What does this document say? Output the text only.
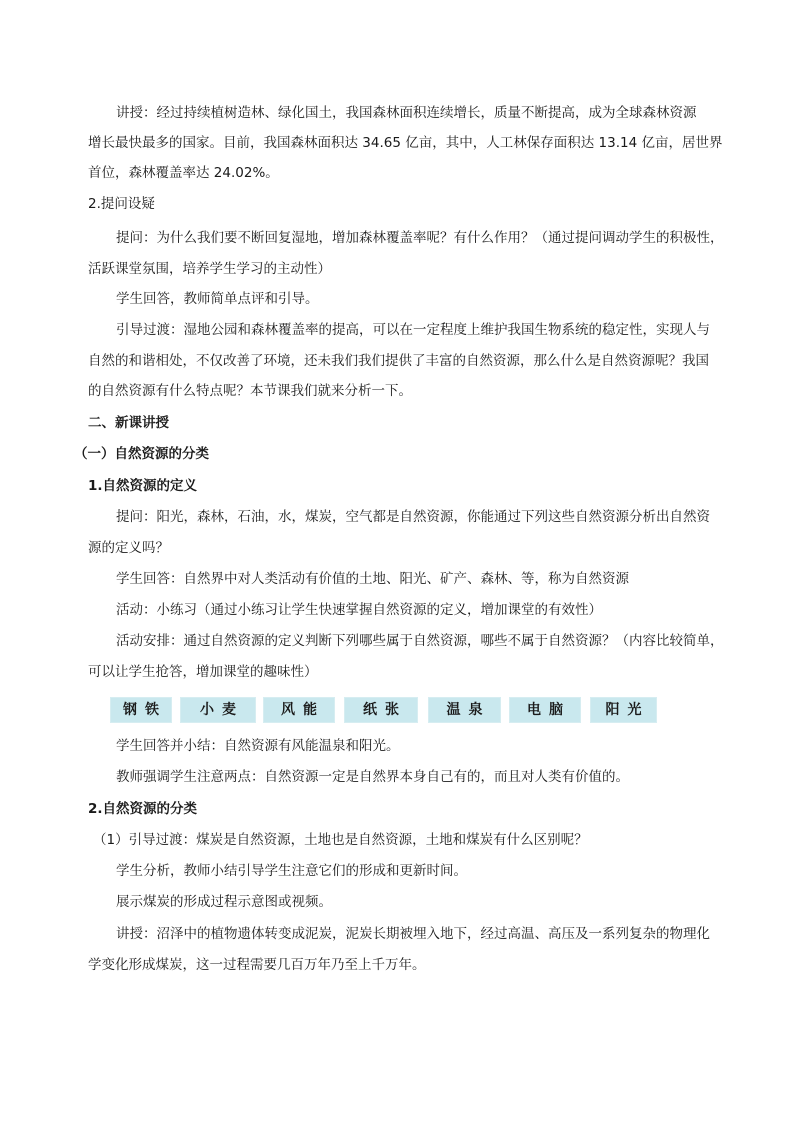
讲授：经过持续植树造林、绿化国土，我国森林面积连续增长，质量不断提高，成为全球森林资源
增长最快最多的国家。目前，我国森林面积达 34.65 亿亩，其中，人工林保存面积达 13.14 亿亩，居世界
首位，森林覆盖率达 24.02%。
2.提问设疑
提问：为什么我们要不断回复湿地，增加森林覆盖率呢？有什么作用？（通过提问调动学生的积极性，
活跃课堂氛围，培养学生学习的主动性）
学生回答，教师简单点评和引导。
引导过渡：湿地公园和森林覆盖率的提高，可以在一定程度上维护我国生物系统的稳定性，实现人与
自然的和谐相处，不仅改善了环境，还未我们我们提供了丰富的自然资源，那么什么是自然资源呢？我国
的自然资源有什么特点呢？本节课我们就来分析一下。
二、新课讲授
（一）自然资源的分类
1.自然资源的定义
提问：阳光，森林，石油，水，煤炭，空气都是自然资源，你能通过下列这些自然资源分析出自然资
源的定义吗？
学生回答：自然界中对人类活动有价值的土地、阳光、矿产、森林、等，称为自然资源
活动：小练习（通过小练习让学生快速掌握自然资源的定义，增加课堂的有效性）
活动安排：通过自然资源的定义判断下列哪些属于自然资源，哪些不属于自然资源？（内容比较简单，
可以让学生抢答，增加课堂的趣味性）
钢铁	小麦	风能	纸张	温泉	电脑	阳光
学生回答并小结：自然资源有风能温泉和阳光。
教师强调学生注意两点：自然资源一定是自然界本身自己有的，而且对人类有价值的。
2.自然资源的分类
（1）引导过渡：煤炭是自然资源，土地也是自然资源，土地和煤炭有什么区别呢？
学生分析，教师小结引导学生注意它们的形成和更新时间。
展示煤炭的形成过程示意图或视频。
讲授：沼泽中的植物遗体转变成泥炭，泥炭长期被埋入地下，经过高温、高压及一系列复杂的物理化
学变化形成煤炭，这一过程需要几百万年乃至上千万年。
